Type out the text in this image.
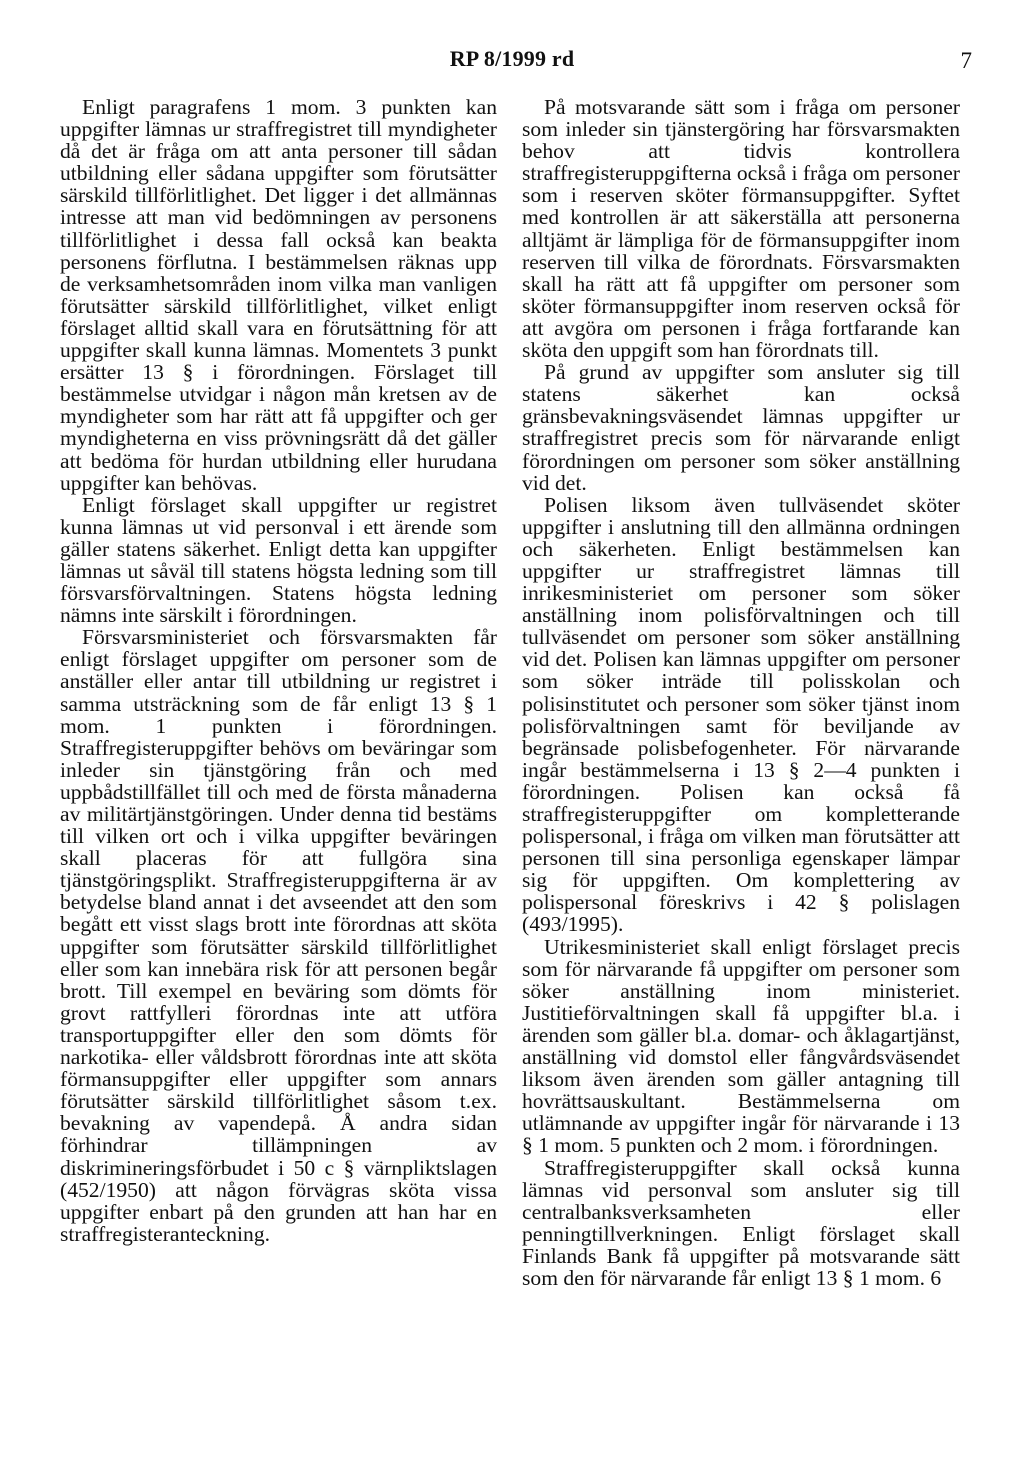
RP 8/1999 rd	7

Enligt paragrafens 1 mom. 3 punkten kan uppgifter lämnas ur straffregistret till myndigheter då det är fråga om att anta personer till sådan utbildning eller sådana uppgifter som förutsätter särskild tillförlitlighet. Det ligger i det allmännas intresse att man vid bedömningen av personens tillförlitlighet i dessa fall också kan beakta personens förflutna. I bestämmelsen räknas upp de verksamhetsområden inom vilka man vanligen förutsätter särskild tillförlitlighet, vilket enligt förslaget alltid skall vara en förutsättning för att uppgifter skall kunna lämnas. Momentets 3 punkt ersätter 13 § i förordningen. Förslaget till bestämmelse utvidgar i någon mån kretsen av de myndigheter som har rätt att få uppgifter och ger myndigheterna en viss prövningsrätt då det gäller att bedöma för hurdan utbildning eller hurudana uppgifter kan behövas.

Enligt förslaget skall uppgifter ur registret kunna lämnas ut vid personval i ett ärende som gäller statens säkerhet. Enligt detta kan uppgifter lämnas ut såväl till statens högsta ledning som till försvarsförvaltningen. Statens högsta ledning nämns inte särskilt i förordningen.

Försvarsministeriet och försvarsmakten får enligt förslaget uppgifter om personer som de anställer eller antar till utbildning ur registret i samma utsträckning som de får enligt 13 § 1 mom. 1 punkten i förordningen. Straffregisteruppgifter behövs om beväringar som inleder sin tjänstgöring från och med uppbådstillfället till och med de första månaderna av militärtjänstgöringen. Under denna tid bestäms till vilken ort och i vilka uppgifter beväringen skall placeras för att fullgöra sina tjänstgöringsplikt. Straffregisteruppgifterna är av betydelse bland annat i det avseendet att den som begått ett visst slags brott inte förordnas att sköta uppgifter som förutsätter särskild tillförlitlighet eller som kan innebära risk för att personen begår brott. Till exempel en beväring som dömts för grovt rattfylleri förordnas inte att utföra transportuppgifter eller den som dömts för narkotika- eller våldsbrott förordnas inte att sköta förmansuppgifter eller uppgifter som annars förutsätter särskild tillförlitlighet såsom t.ex. bevakning av vapendepå. Å andra sidan förhindrar tillämpningen av diskrimineringsförbudet i 50 c § värnpliktslagen (452/1950) att någon förvägras sköta vissa uppgifter enbart på den grunden att han har en straffregisteranteckning.

På motsvarande sätt som i fråga om personer som inleder sin tjänstergöring har försvarsmakten behov att tidvis kontrollera straffregisteruppgifterna också i fråga om personer som i reserven sköter förmansuppgifter. Syftet med kontrollen är att säkerställa att personerna alltjämt är lämpliga för de förmansuppgifter inom reserven till vilka de förordnats. Försvarsmakten skall ha rätt att få uppgifter om personer som sköter förmansuppgifter inom reserven också för att avgöra om personen i fråga fortfarande kan sköta den uppgift som han förordnats till.

På grund av uppgifter som ansluter sig till statens säkerhet kan också gränsbevakningsväsendet lämnas uppgifter ur straffregistret precis som för närvarande enligt förordningen om personer som söker anställning vid det.

Polisen liksom även tullväsendet sköter uppgifter i anslutning till den allmänna ordningen och säkerheten. Enligt bestämmelsen kan uppgifter ur straffregistret lämnas till inrikesministeriet om personer som söker anställning inom polisförvaltningen och till tullväsendet om personer som söker anställning vid det. Polisen kan lämnas uppgifter om personer som söker inträde till polisskolan och polisinstitutet och personer som söker tjänst inom polisförvaltningen samt för beviljande av begränsade polisbefogenheter. För närvarande ingår bestämmelserna i 13 § 2—4 punkten i förordningen. Polisen kan också få straffregisteruppgifter om kompletterande polispersonal, i fråga om vilken man förutsätter att personen till sina personliga egenskaper lämpar sig för uppgiften. Om komplettering av polispersonal föreskrivs i 42 § polislagen (493/1995).

Utrikesministeriet skall enligt förslaget precis som för närvarande få uppgifter om personer som söker anställning inom ministeriet. Justitieförvaltningen skall få uppgifter bl.a. i ärenden som gäller bl.a. domar- och åklagartjänst, anställning vid domstol eller fångvårdsväsendet liksom även ärenden som gäller antagning till hovrättsauskultant. Bestämmelserna om utlämnande av uppgifter ingår för närvarande i 13 § 1 mom. 5 punkten och 2 mom. i förordningen.

Straffregisteruppgifter skall också kunna lämnas vid personval som ansluter sig till centralbanksverksamheten eller penningtillverkningen. Enligt förslaget skall Finlands Bank få uppgifter på motsvarande sätt som den för närvarande får enligt 13 § 1 mom. 6
